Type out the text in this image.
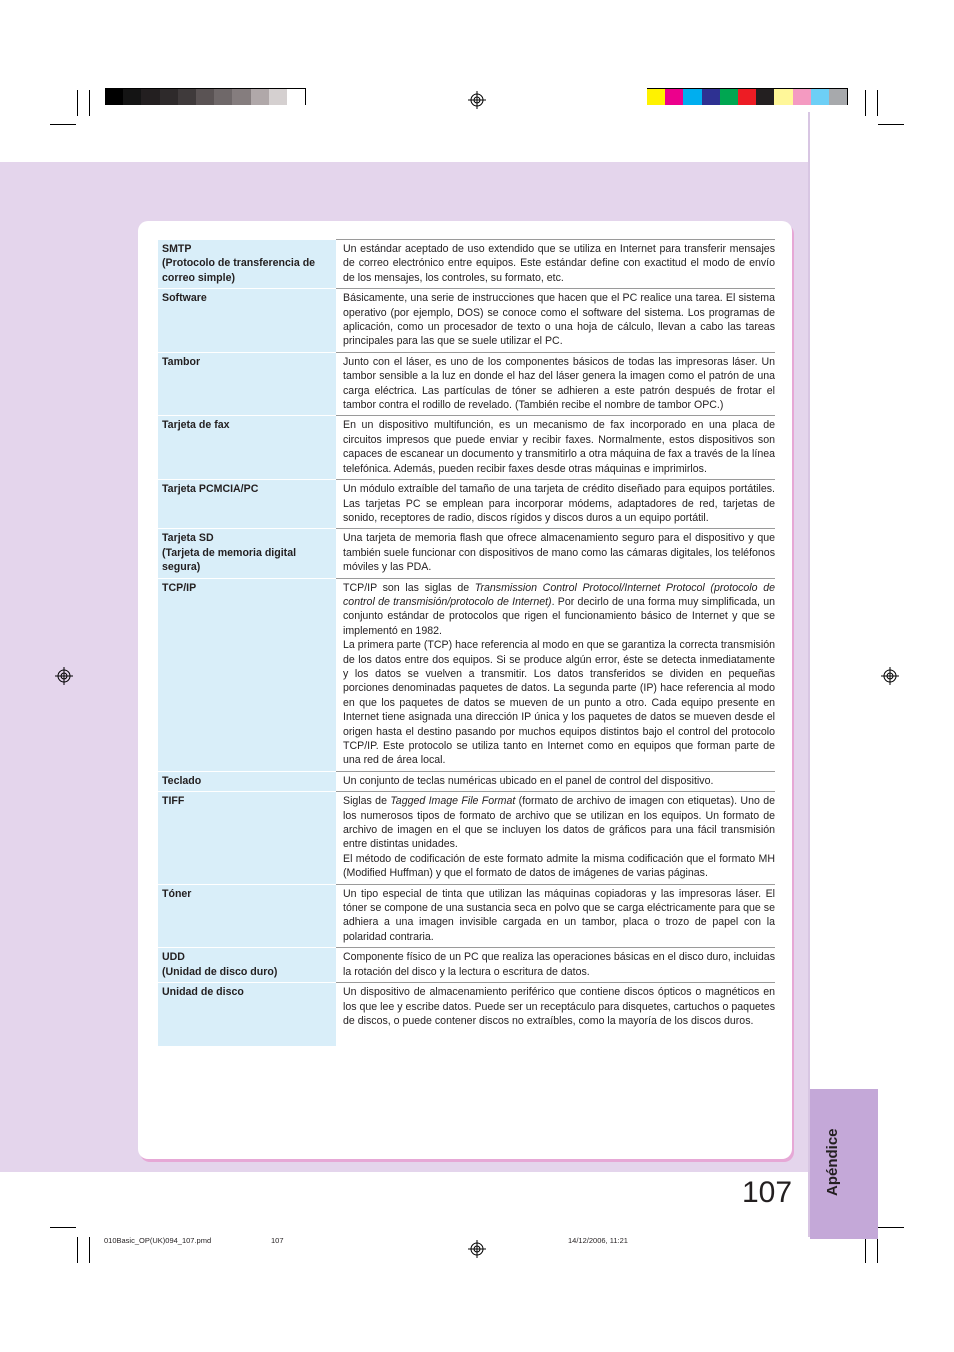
SMTP
(Protocolo de transferencia de correo simple)	Un estándar aceptado de uso extendido que se utiliza en Internet para transferir mensajes de correo electrónico entre equipos. Este estándar define con exactitud el modo de envío de los mensajes, los controles, su formato, etc.
Software	Básicamente, una serie de instrucciones que hacen que el PC realice una tarea. El sistema operativo (por ejemplo, DOS) se conoce como el software del sistema. Los programas de aplicación, como un procesador de texto o una hoja de cálculo, llevan a cabo las tareas principales para las que se suele utilizar el PC.
Tambor	Junto con el láser, es uno de los componentes básicos de todas las impresoras láser. Un tambor sensible a la luz en donde el haz del láser genera la imagen como el patrón de una carga eléctrica. Las partículas de tóner se adhieren a este patrón después de frotar el tambor contra el rodillo de revelado. (También recibe el nombre de tambor OPC.)
Tarjeta de fax	En un dispositivo multifunción, es un mecanismo de fax incorporado en una placa de circuitos impresos que puede enviar y recibir faxes. Normalmente, estos dispositivos son capaces de escanear un documento y transmitirlo a otra máquina de fax a través de la línea telefónica. Además, pueden recibir faxes desde otras máquinas e imprimirlos.
Tarjeta PCMCIA/PC	Un módulo extraíble del tamaño de una tarjeta de crédito diseñado para equipos portátiles. Las tarjetas PC se emplean para incorporar módems, adaptadores de red, tarjetas de sonido, receptores de radio, discos rígidos y discos duros a un equipo portátil.
Tarjeta SD
(Tarjeta de memoria digital segura)	Una tarjeta de memoria flash que ofrece almacenamiento seguro para el dispositivo y que también suele funcionar con dispositivos de mano como las cámaras digitales, los teléfonos móviles y las PDA.
TCP/IP	TCP/IP son las siglas de Transmission Control Protocol/Internet Protocol (protocolo de control de transmisión/protocolo de Internet). Por decirlo de una forma muy simplificada, un conjunto estándar de protocolos que rigen el funcionamiento básico de Internet y que se implementó en 1982.
La primera parte (TCP) hace referencia al modo en que se garantiza la correcta transmisión de los datos entre dos equipos. Si se produce algún error, éste se detecta inmediatamente y los datos se vuelven a transmitir. Los datos transferidos se dividen en pequeñas porciones denominadas paquetes de datos. La segunda parte (IP) hace referencia al modo en que los paquetes de datos se mueven de un punto a otro. Cada equipo presente en Internet tiene asignada una dirección IP única y los paquetes de datos se mueven desde el origen hasta el destino pasando por muchos equipos distintos bajo el control del protocolo TCP/IP. Este protocolo se utiliza tanto en Internet como en equipos que forman parte de una red de área local.
Teclado	Un conjunto de teclas numéricas ubicado en el panel de control del dispositivo.
TIFF	Siglas de Tagged Image File Format (formato de archivo de imagen con etiquetas). Uno de los numerosos tipos de formato de archivo que se utilizan en los equipos. Un formato de archivo de imagen en el que se incluyen los datos de gráficos para una fácil transmisión entre distintas unidades.
El método de codificación de este formato admite la misma codificación que el formato MH (Modified Huffman) y que el formato de datos de imágenes de varias páginas.
Tóner	Un tipo especial de tinta que utilizan las máquinas copiadoras y las impresoras láser. El tóner se compone de una sustancia seca en polvo que se carga eléctricamente para que se adhiera a una imagen invisible cargada en un tambor, placa o trozo de papel con la polaridad contraria.
UDD
(Unidad de disco duro)	Componente físico de un PC que realiza las operaciones básicas en el disco duro, incluidas la rotación del disco y la lectura o escritura de datos.
Unidad de disco	Un dispositivo de almacenamiento periférico que contiene discos ópticos o magnéticos en los que lee y escribe datos. Puede ser un receptáculo para disquetes, cartuchos o paquetes de discos, o puede contener discos no extraíbles, como la mayoría de los discos duros.
Apéndice
107
010Basic_OP(UK)094_107.pmd	107	14/12/2006, 11:21
